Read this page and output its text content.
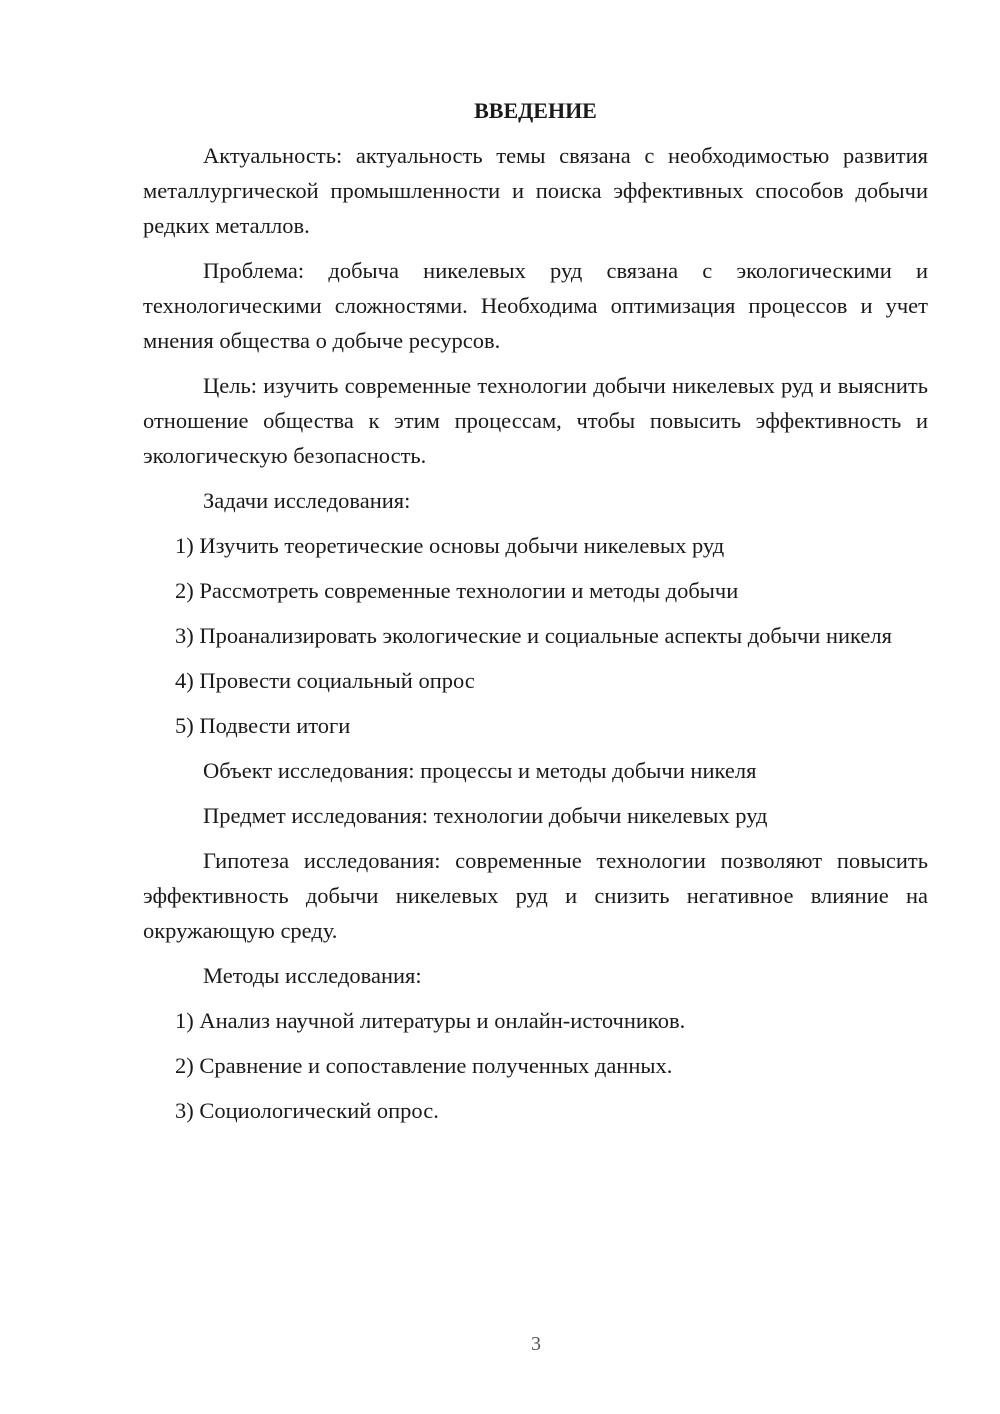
ВВЕДЕНИЕ

Актуальность: актуальность темы связана с необходимостью развития металлургической промышленности и поиска эффективных способов добычи редких металлов.

Проблема: добыча никелевых руд связана с экологическими и технологическими сложностями. Необходима оптимизация процессов и учет мнения общества о добыче ресурсов.

Цель: изучить современные технологии добычи никелевых руд и выяснить отношение общества к этим процессам, чтобы повысить эффективность и экологическую безопасность.

Задачи исследования:

1) Изучить теоретические основы добычи никелевых руд

2) Рассмотреть современные технологии и методы добычи

3) Проанализировать экологические и социальные аспекты добычи никеля

4) Провести социальный опрос

5) Подвести итоги

Объект исследования: процессы и методы добычи никеля

Предмет исследования: технологии добычи никелевых руд

Гипотеза исследования: современные технологии позволяют повысить эффективность добычи никелевых руд и снизить негативное влияние на окружающую среду.

Методы исследования:

1) Анализ научной литературы и онлайн-источников.

2) Сравнение и сопоставление полученных данных.

3) Социологический опрос.

3
